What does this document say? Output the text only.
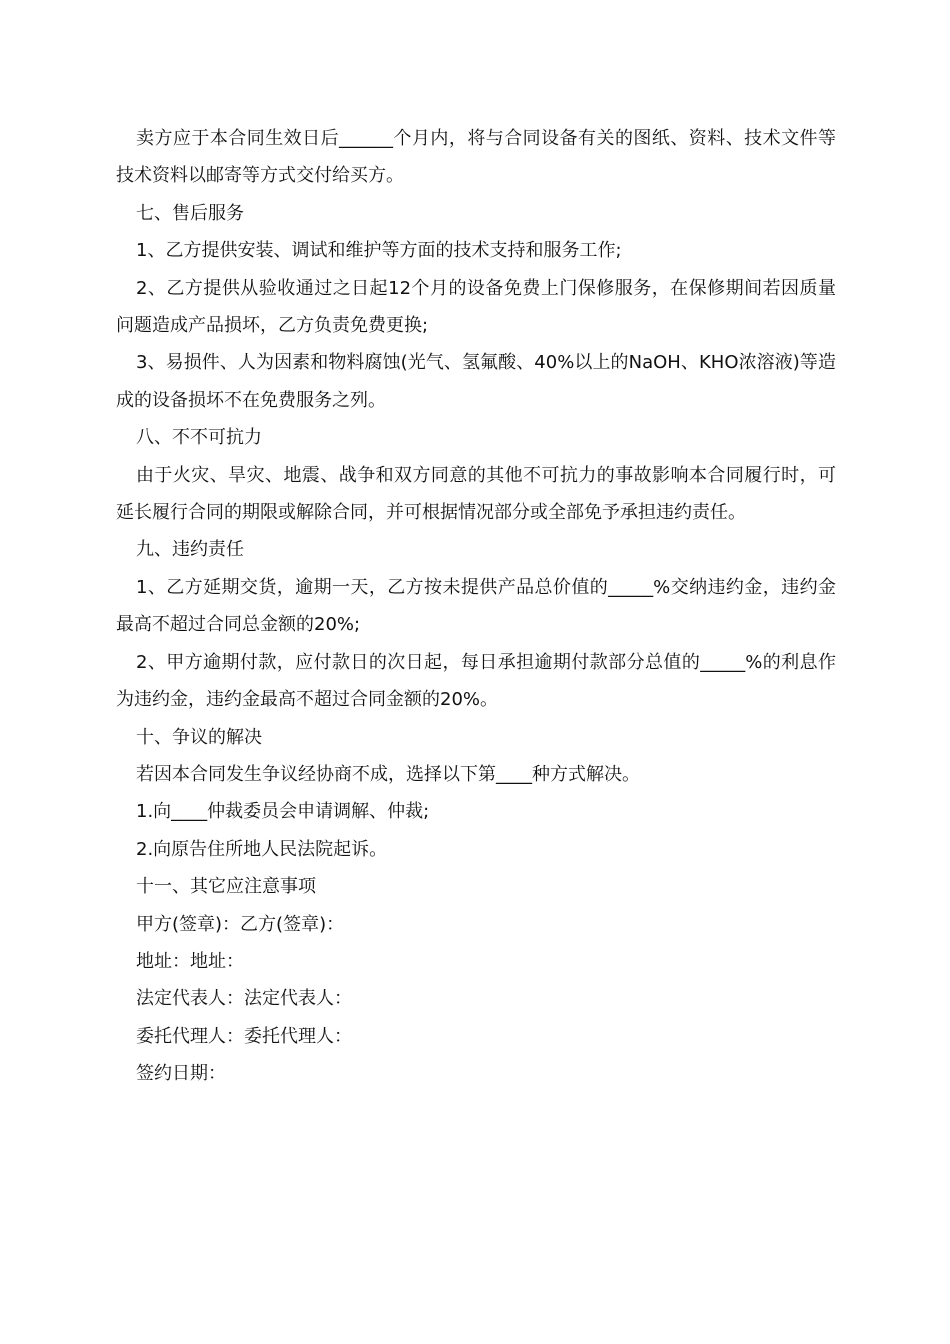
卖方应于本合同生效日后______个月内，将与合同设备有关的图纸、资料、技术文件等技术资料以邮寄等方式交付给买方。

七、售后服务

1、乙方提供安装、调试和维护等方面的技术支持和服务工作;

2、乙方提供从验收通过之日起12个月的设备免费上门保修服务，在保修期间若因质量问题造成产品损坏，乙方负责免费更换;

3、易损件、人为因素和物料腐蚀(光气、氢氟酸、40%以上的NaOH、KHO浓溶液)等造成的设备损坏不在免费服务之列。

八、不不可抗力

由于火灾、旱灾、地震、战争和双方同意的其他不可抗力的事故影响本合同履行时，可延长履行合同的期限或解除合同，并可根据情况部分或全部免予承担违约责任。

九、违约责任

1、乙方延期交货，逾期一天，乙方按未提供产品总价值的_____%交纳违约金，违约金最高不超过合同总金额的20%;

2、甲方逾期付款，应付款日的次日起，每日承担逾期付款部分总值的_____%的利息作为违约金，违约金最高不超过合同金额的20%。

十、争议的解决

若因本合同发生争议经协商不成，选择以下第____种方式解决。

1.向____仲裁委员会申请调解、仲裁;

2.向原告住所地人民法院起诉。

十一、其它应注意事项

甲方(签章)：乙方(签章)：

地址：地址：

法定代表人：法定代表人：

委托代理人：委托代理人：

签约日期：
